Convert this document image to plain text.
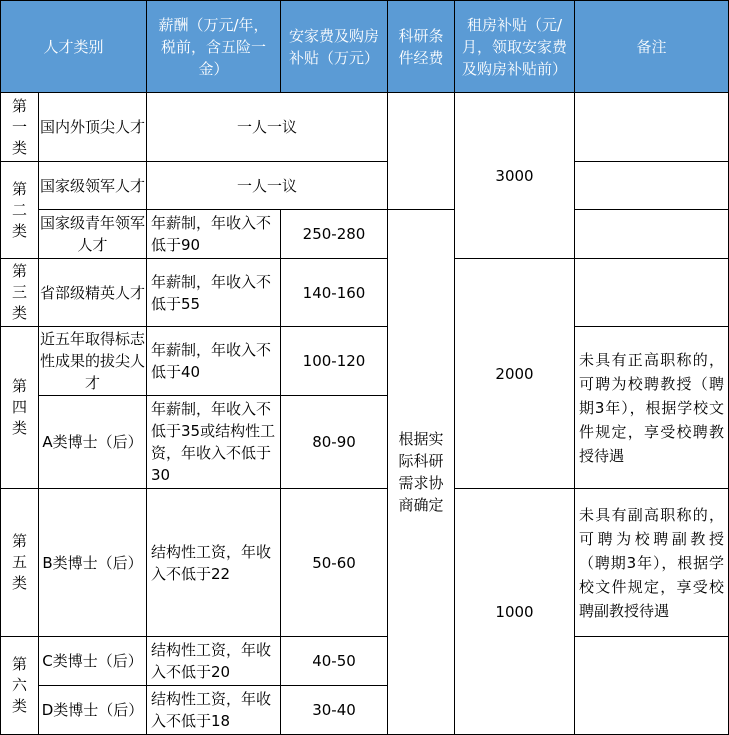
人才类别		薪酬（万元/年，税前，含五险一金）	安家费及购房补贴（万元）	科研条件经费	租房补贴（元/月，领取安家费及购房补贴前）	备注
第一类	国内外顶尖人才	一人一议			3000	
第二类	国家级领军人才	一人一议				
	国家级青年领军人才	年薪制，年收入不低于90	250-280	根据实际科研需求协商确定		
第三类	省部级精英人才	年薪制，年收入不低于55	140-160		2000	
第四类	近五年取得标志性成果的拔尖人才	年薪制，年收入不低于40	100-120			未具有正高职称的，可聘为校聘教授（聘期3年），根据学校文件规定，享受校聘教授待遇
	A类博士（后）	年薪制，年收入不低于35或结构性工资，年收入不低于30	80-90			
第五类	B类博士（后）	结构性工资，年收入不低于22	50-60		1000	未具有副高职称的，可聘为校聘副教授（聘期3年），根据学校文件规定，享受校聘副教授待遇
第六类	C类博士（后）	结构性工资，年收入不低于20	40-50			
	D类博士（后）	结构性工资，年收入不低于18	30-40			
